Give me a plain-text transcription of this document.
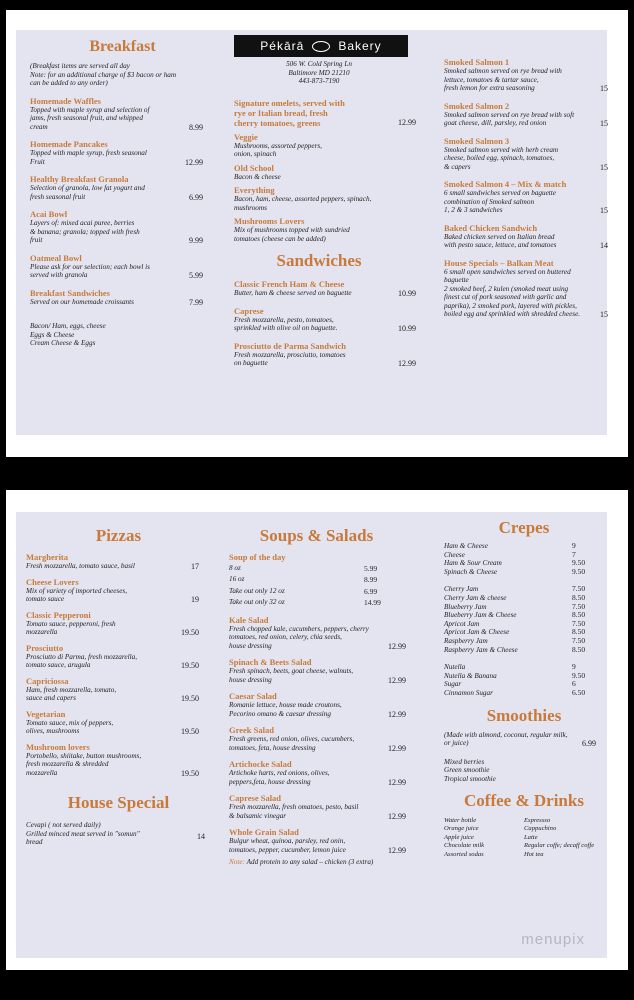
Breakfast
(Breakfast items are served all day
Note: for an additional charge of $3 bacon or ham
can be added to any order)
Homemade Waffles
Topped with maple syrup and selection of
jams, fresh seasonal fruit, and whipped
cream	8.99
Homemade Pancakes
Topped with maple syrup, fresh seasonal
Fruit	12.99
Healthy Breakfast Granola
Selection of granola, low fat yogurt and
fresh seasonal fruit	6.99
Acai Bowl
Layers of: mixed acai puree, berries
& banana; granola; topped with fresh
fruit	9.99
Oatmeal Bowl
Please ask for our selection; each bowl is
served with granola	5.99
Breakfast Sandwiches
Served on our homemade croissants	7.99
Bacon/ Ham, eggs, cheese
Eggs & Cheese
Cream Cheese & Eggs
Pékārā	Bakery
506 W. Cold Spring Ln
Baltimore MD 21210
443-873-7190
Signature omelets, served with
rye or Italian bread, fresh
cherry tomatoes, greens	12.99
Veggie
Mushrooms, assorted peppers,
onion, spinach
Old School
Bacon & cheese
Everything
Bacon, ham, cheese, assorted peppers, spinach,
mushrooms
Mushrooms Lovers
Mix of mushrooms topped with sundried
tomatoes (cheese can be added)
Sandwiches
Classic French Ham & Cheese
Butter, ham & cheese served on baguette	10.99
Caprese
Fresh mozzarella, pesto, tomatoes,
sprinkled with olive oil on baguette.	10.99
Prosciutto de Parma Sandwich
Fresh mozzarella, prosciutto, tomatoes
on baguette	12.99
Smoked Salmon 1
Smoked salmon served on rye bread with
lettuce, tomatoes & tartar sauce,
fresh lemon for extra seasoning	15
Smoked Salmon 2
Smoked salmon served on rye bread with soft
goat cheese, dill, parsley, red onion	15
Smoked Salmon 3
Smoked salmon served with herb cream
cheese, boiled egg, spinach, tomatoes,
& capers	15
Smoked Salmon 4 – Mix & match
6 small sandwiches served on baguette
combination of Smoked salmon
1, 2 & 3 sandwiches	15
Baked Chicken Sandwich
Baked chicken served on Italian bread
with pesto sauce, lettuce, and tomatoes	14
House Specials – Balkan Meat
6 small open sandwiches served on buttered
baguette
2 smoked beef, 2 kulen (smoked meat using
finest cut of pork seasoned with garlic and
paprika), 2 smoked pork, layered with pickles,
boiled egg and sprinkled with shredded cheese.	15
Pizzas
Margherita
Fresh mozzarella, tomato sauce, basil	17
Cheese Lovers
Mix of variety of imported cheeses,
tomato sauce	19
Classic Pepperoni
Tomato sauce, pepperoni, fresh
mozzarella	19.50
Prosciutto
Prosciutto di Parma, fresh mozzarella,
tomato sauce, arugula	19.50
Capriciossa
Ham, fresh mozzarella, tomato,
sauce and capers	19.50
Vegetarian
Tomato sauce, mix of peppers,
olives, mushrooms	19.50
Mushroom lovers
Portobello, shiitake, button mushrooms,
fresh mozzarella & shredded
mozzarella	19.50
House Special
Cevapi ( not served daily)
Grilled minced meat served in "somun"
bread
14
Soups & Salads
Soup of the day
8 oz	5.99
16 oz	8.99
Take out only 12 oz	6.99
Take out only 32 oz	14.99
Kale Salad
Fresh chopped kale, cucumbers, peppers, cherry
tomatoes, red onion, celery, chia seeds,
house dressing	12.99
Spinach & Beets Salad
Fresh spinach, beets, goat cheese, walnuts,
house dressing	12.99
Caesar Salad
Romanie lettuce, house made croutons,
Pecorino omano & caesar dressing	12.99
Greek Salad
Fresh greens, red onion, olives, cucumbers,
tomatoes, feta, house dressing	12.99
Artichocke Salad
Artichoke harts, red onions, olives,
peppers,feta, house dressing	12.99
Caprese Salad
Fresh mozzarella, fresh omatoes, pesto, basil
& balsamic vinegar	12.99
Whole Grain Salad
Bulgur wheat, quinoa, parsley, red onin,
tomatoes, pepper, cucumber, lemon juice	12.99
Note: Add protein to any salad – chicken (3 extra)
Crepes
Ham & Cheese	9
Cheese	7
Ham & Sour Cream	9.50
Spinach & Cheese	9.50
Cherry Jam	7.50
Cherry Jam & cheese	8.50
Blueberry Jam	7.50
Blueberry Jam & Cheese	8.50
Apricot Jam	7.50
Apricot Jam & Cheese	8.50
Raspberry Jam	7.50
Raspberry Jam & Cheese	8.50
Nutella	9
Nutella & Banana	9.50
Sugar	6
Cinnamon Sugar	6.50
Smoothies
(Made with almond, coconut, regular milk,
or juice)	6.99
Mixed berries
Green smoothie
Tropical smoothie
Coffee & Drinks
Water bottle
Orange juice
Apple juice
Chocolate milk
Assorted sodas
Espressso
Cappuchino
Latte
Regular coffe; decaff coffe
Hot tea
menupix
